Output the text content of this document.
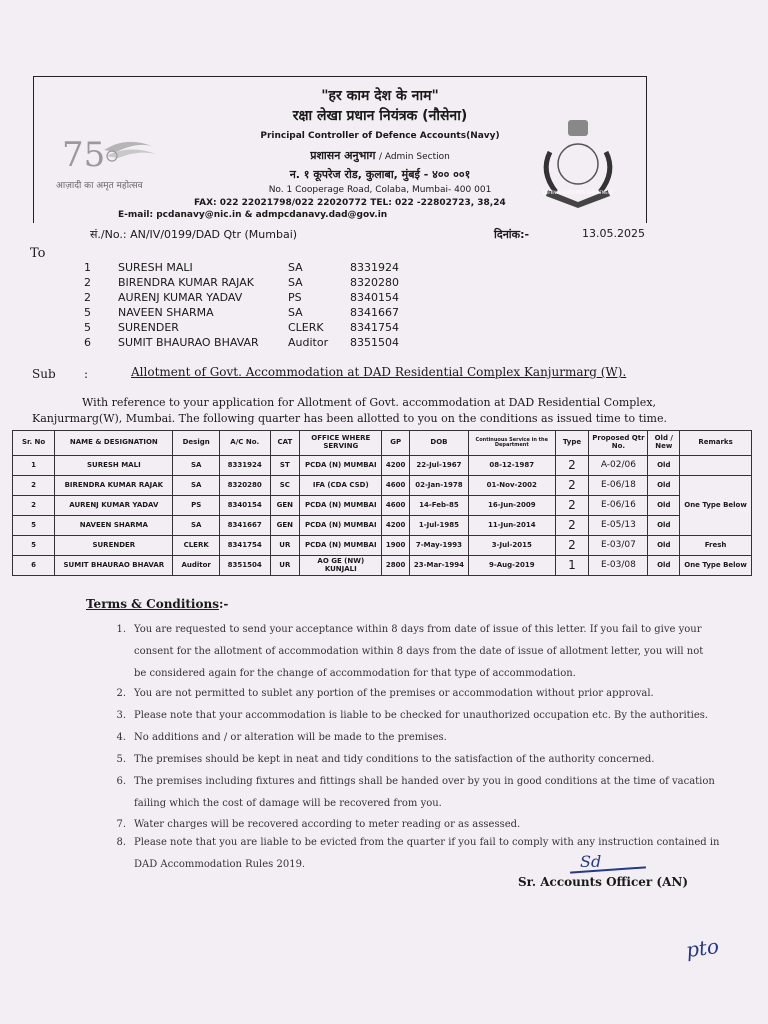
75
आज़ादी का अमृत महोत्सव
DEFENCE ACCOUNTS DEPARTMENT
"हर काम देश के नाम"
रक्षा लेखा प्रधान नियंत्रक (नौसेना)
Principal Controller of Defence Accounts(Navy)
प्रशासन अनुभाग / Admin Section
न. १ कूपरेज रोड, कुलाबा, मुंबई - ४०० ००१
No. 1 Cooperage Road, Colaba, Mumbai- 400 001
FAX: 022 22021798/022 22020772 TEL: 022 -22802723, 38,24
E-mail: pcdanavy@nic.in & admpcdanavy.dad@gov.in
सं./No.: AN/IV/0199/DAD Qtr (Mumbai)	दिनांक:-	13.05.2025
To
1 SURESH MALI	SA	8331924
2 BIRENDRA KUMAR RAJAK	SA	8320280
2 AURENJ KUMAR YADAV	PS	8340154
5 NAVEEN SHARMA	SA	8341667
5 SURENDER	CLERK 8341754
6 SUMIT BHAURAO BHAVAR	Auditor 8351504
Sub :	Allotment of Govt. Accommodation at DAD Residential Complex Kanjurmarg (W).
With reference to your application for Allotment of Govt. accommodation at DAD Residential Complex,
Kanjurmarg(W), Mumbai. The following quarter has been allotted to you on the conditions as issued time to time.
Sr. No	NAME & DESIGNATION	Design	A/C No.	CAT	OFFICE WHERE SERVING	GP	DOB	Continuous Service in the Department	Type	Proposed Qtr No.	Old / New	Remarks
1	SURESH MALI	SA	8331924	ST	PCDA (N) MUMBAI	4200	22-Jul-1967	08-12-1987	2	A-02/06	Old	
2	BIRENDRA KUMAR RAJAK	SA	8320280	SC	IFA (CDA CSD)	4600	02-Jan-1978	01-Nov-2002	2	E-06/18	Old	One Type Below
2	AURENJ KUMAR YADAV	PS	8340154	GEN	PCDA (N) MUMBAI	4600	14-Feb-85	16-Jun-2009	2	E-06/16	Old	
5	NAVEEN SHARMA	SA	8341667	GEN	PCDA (N) MUMBAI	4200	1-Jul-1985	11-Jun-2014	2	E-05/13	Old	
5	SURENDER	CLERK	8341754	UR	PCDA (N) MUMBAI	1900	7-May-1993	3-Jul-2015	2	E-03/07	Old	Fresh
6	SUMIT BHAURAO BHAVAR	Auditor	8351504	UR	AO GE (NW) KUNJALI	2800	23-Mar-1994	9-Aug-2019	1	E-03/08	Old	One Type Below
Terms & Conditions:-
1. You are requested to send your acceptance within 8 days from date of issue of this letter. If you fail to give your
consent for the allotment of accommodation within 8 days from the date of issue of allotment letter, you will not
be considered again for the change of accommodation for that type of accommodation.
2. You are not permitted to sublet any portion of the premises or accommodation without prior approval.
3. Please note that your accommodation is liable to be checked for unauthorized occupation etc. By the authorities.
4. No additions and / or alteration will be made to the premises.
5. The premises should be kept in neat and tidy conditions to the satisfaction of the authority concerned.
6. The premises including fixtures and fittings shall be handed over by you in good conditions at the time of vacation
failing which the cost of damage will be recovered from you.
7. Water charges will be recovered according to meter reading or as assessed.
8. Please note that you are liable to be evicted from the quarter if you fail to comply with any instruction contained in
DAD Accommodation Rules 2019.	Sd
Sr. Accounts Officer (AN)
pto
